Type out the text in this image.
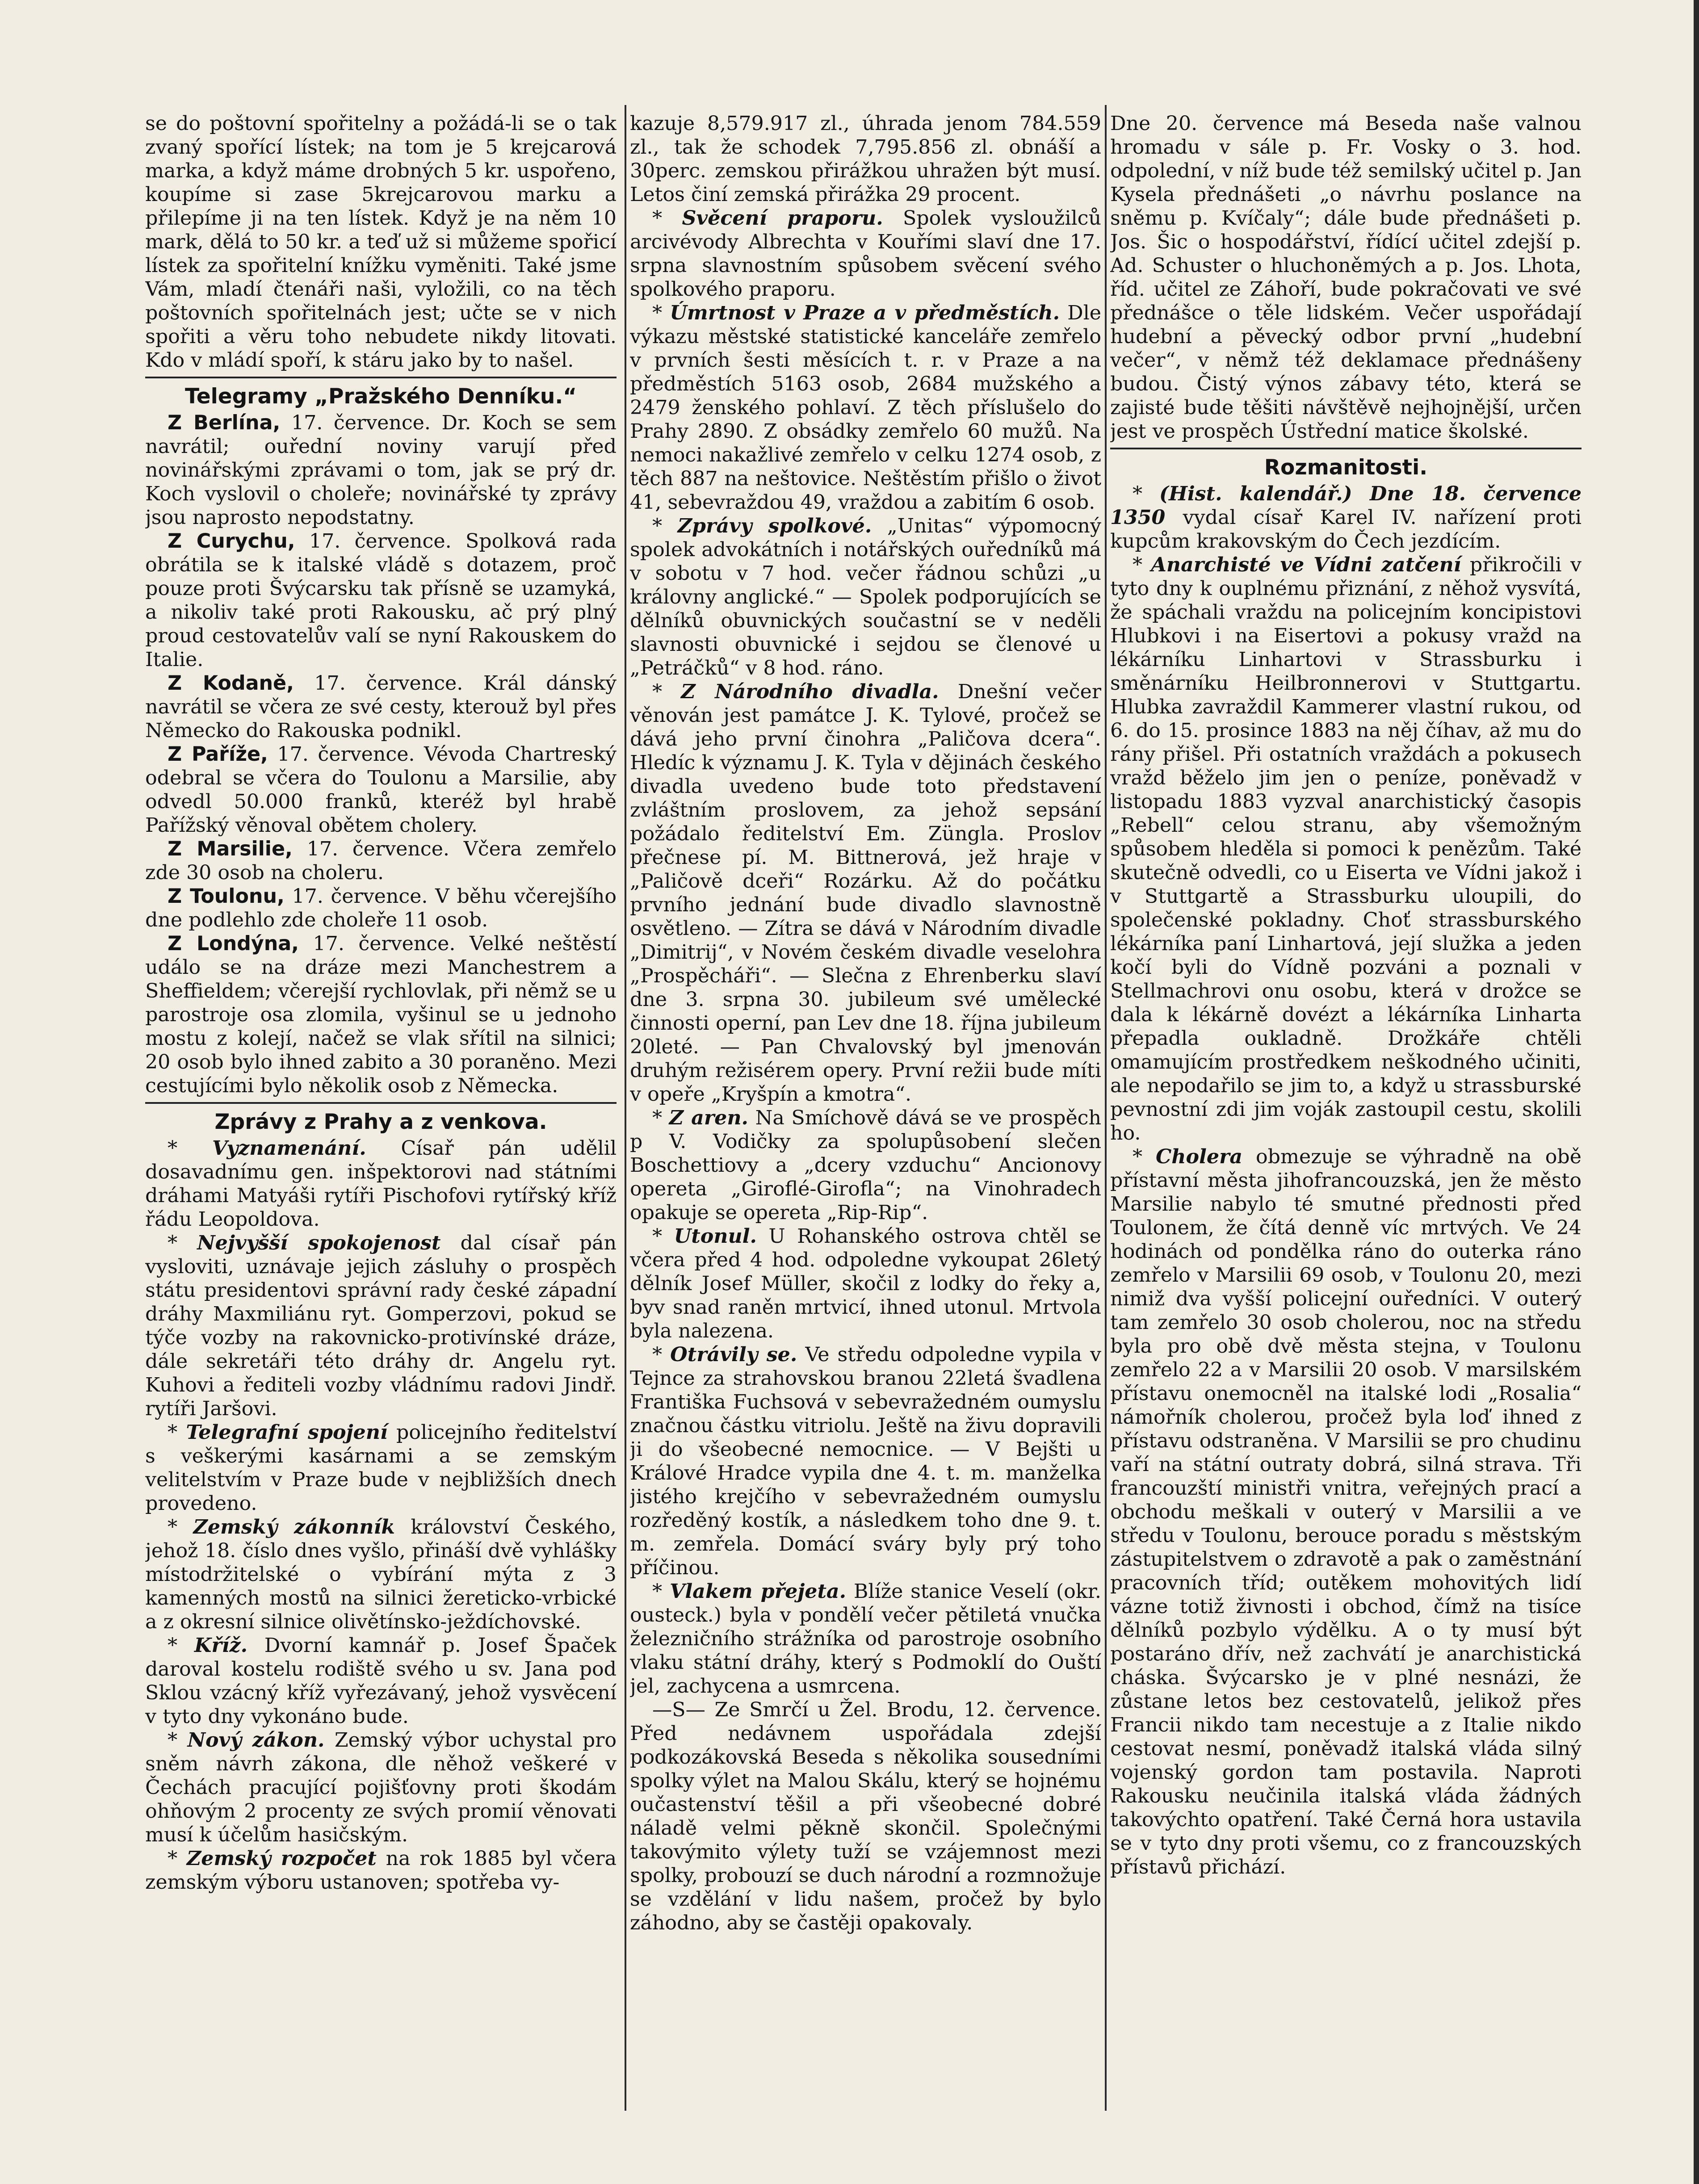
se do poštovní spořitelny a požádá-li se o tak zvaný spořící lístek; na tom je 5 krejcarová marka, a když máme drobných 5 kr. uspořeno, koupíme si zase 5krejcarovou marku a přilepíme ji na ten lístek. Když je na něm 10 mark, dělá to 50 kr. a teď už si můžeme spořicí lístek za spořitelní knížku vyměniti. Také jsme Vám, mladí čtenáři naši, vyložili, co na těch poštovních spořitelnách jest; učte se v nich spořiti a věru toho nebudete nikdy litovati. Kdo v mládí spoří, k stáru jako by to našel.

Telegramy „Pražského Denníku.“

Z Berlína, 17. července. Dr. Koch se sem navrátil; ouřední noviny varují před novinářskými zprávami o tom, jak se prý dr. Koch vyslovil o choleře; novinářské ty zprávy jsou naprosto nepodstatny.

Z Curychu, 17. července. Spolková rada obrátila se k italské vládě s dotazem, proč pouze proti Švýcarsku tak přísně se uzamyká, a nikoliv také proti Rakousku, ač prý plný proud cestovatelův valí se nyní Rakouskem do Italie.

Z Kodaně, 17. července. Král dánský navrátil se včera ze své cesty, kterouž byl přes Německo do Rakouska podnikl.

Z Paříže, 17. července. Vévoda Chartreský odebral se včera do Toulonu a Marsilie, aby odvedl 50.000 franků, kteréž byl hrabě Pařížský věnoval obětem cholery.

Z Marsilie, 17. července. Včera zemřelo zde 30 osob na choleru.

Z Toulonu, 17. července. V běhu včerejšího dne podlehlo zde choleře 11 osob.

Z Londýna, 17. července. Velké neštěstí událo se na dráze mezi Manchestrem a Sheffieldem; včerejší rychlovlak, při němž se u parostroje osa zlomila, vyšinul se u jednoho mostu z kolejí, načež se vlak sřítil na silnici; 20 osob bylo ihned zabito a 30 poraněno. Mezi cestujícími bylo několik osob z Německa.

Zprávy z Prahy a z venkova.

* Vyznamenání. Císař pán udělil dosavadnímu gen. inšpektorovi nad státními dráhami Matyáši rytíři Pischofovi rytířský kříž řádu Leopoldova.

* Nejvyšší spokojenost dal císař pán vysloviti, uznávaje jejich zásluhy o prospěch státu presidentovi správní rady české západní dráhy Maxmiliánu ryt. Gomperzovi, pokud se týče vozby na rakovnicko-protivínské dráze, dále sekretáři této dráhy dr. Angelu ryt. Kuhovi a řediteli vozby vládnímu radovi Jindř. rytíři Jaršovi.

* Telegrafní spojení policejního ředitelství s veškerými kasárnami a se zemským velitelstvím v Praze bude v nejbližších dnech provedeno.

* Zemský zákonník království Českého, jehož 18. číslo dnes vyšlo, přináší dvě vyhlášky místodržitelské o vybírání mýta z 3 kamenných mostů na silnici žereticko-vrbické a z okresní silnice olivětínsko-ježdíchovské.

* Kříž. Dvorní kamnář p. Josef Špaček daroval kostelu rodiště svého u sv. Jana pod Sklou vzácný kříž vyřezávaný, jehož vysvěcení v tyto dny vykonáno bude.

* Nový zákon. Zemský výbor uchystal pro sněm návrh zákona, dle něhož veškeré v Čechách pracující pojišťovny proti škodám ohňovým 2 procenty ze svých promií věnovati musí k účelům hasičským.

* Zemský rozpočet na rok 1885 byl včera zemským výboru ustanoven; spotřeba vy-

kazuje 8,579.917 zl., úhrada jenom 784.559 zl., tak že schodek 7,795.856 zl. obnáší a 30perc. zemskou přirážkou uhražen být musí. Letos činí zemská přirážka 29 procent.

* Svěcení praporu. Spolek vysloužilců arcivévody Albrechta v Kouřími slaví dne 17. srpna slavnostním spůsobem svěcení svého spolkového praporu.

* Úmrtnost v Praze a v předměstích. Dle výkazu městské statistické kanceláře zemřelo v prvních šesti měsících t. r. v Praze a na předměstích 5163 osob, 2684 mužského a 2479 ženského pohlaví. Z těch příslušelo do Prahy 2890. Z obsádky zemřelo 60 mužů. Na nemoci nakažlivé zemřelo v celku 1274 osob, z těch 887 na neštovice. Neštěstím přišlo o život 41, sebevraždou 49, vraždou a zabitím 6 osob.

* Zprávy spolkové. „Unitas“ výpomocný spolek advokátních i notářských ouředníků má v sobotu v 7 hod. večer řádnou schůzi „u královny anglické.“ — Spolek podporujících se dělníků obuvnických součastní se v neděli slavnosti obuvnické i sejdou se členové u „Petráčků“ v 8 hod. ráno.

* Z Národního divadla. Dnešní večer věnován jest památce J. K. Tylové, pročež se dává jeho první činohra „Paličova dcera“. Hledíc k významu J. K. Tyla v dějinách českého divadla uvedeno bude toto představení zvláštním proslovem, za jehož sepsání požádalo ředitelství Em. Züngla. Proslov přečnese pí. M. Bittnerová, jež hraje v „Paličově dceři“ Rozárku. Až do počátku prvního jednání bude divadlo slavnostně osvětleno. — Zítra se dává v Národním divadle „Dimitrij“, v Novém českém divadle veselohra „Prospěcháři“. — Slečna z Ehrenberku slaví dne 3. srpna 30. jubileum své umělecké činnosti operní, pan Lev dne 18. října jubileum 20leté. — Pan Chvalovský byl jmenován druhým režisérem opery. První režii bude míti v opeře „Kryšpín a kmotra“.

* Z aren. Na Smíchově dává se ve prospěch p V. Vodičky za spolupůsobení slečen Boschettiovy a „dcery vzduchu“ Ancionovy opereta „Giroflé-Girofla“; na Vinohradech opakuje se opereta „Rip-Rip“.

* Utonul. U Rohanského ostrova chtěl se včera před 4 hod. odpoledne vykoupat 26letý dělník Josef Müller, skočil z lodky do řeky a, byv snad raněn mrtvicí, ihned utonul. Mrtvola byla nalezena.

* Otrávily se. Ve středu odpoledne vypila v Tejnce za strahovskou branou 22letá švadlena Františka Fuchsová v sebevražedném oumyslu značnou částku vitriolu. Ještě na živu dopravili ji do všeobecné nemocnice. — V Bejšti u Králové Hradce vypila dne 4. t. m. manželka jistého krejčího v sebevražedném oumyslu rozředěný kostík, a následkem toho dne 9. t. m. zemřela. Domácí sváry byly prý toho příčinou.

* Vlakem přejeta. Blíže stanice Veselí (okr. ousteck.) byla v pondělí večer pětiletá vnučka železničního strážníka od parostroje osobního vlaku státní dráhy, který s Podmoklí do Ouští jel, zachycena a usmrcena.

—S— Ze Smrčí u Žel. Brodu, 12. července. Před nedávnem uspořádala zdejší podkozákovská Beseda s několika sousedními spolky výlet na Malou Skálu, který se hojnému oučastenství těšil a při všeobecné dobré náladě velmi pěkně skončil. Společnými takovýmito výlety tuží se vzájemnost mezi spolky, probouzí se duch národní a rozmnožuje se vzdělání v lidu našem, pročež by bylo záhodno, aby se častěji opakovaly.

Dne 20. července má Beseda naše valnou hromadu v sále p. Fr. Vosky o 3. hod. odpolední, v níž bude též semilský učitel p. Jan Kysela přednášeti „o návrhu poslance na sněmu p. Kvíčaly“; dále bude přednášeti p. Jos. Šic o hospodářství, řídící učitel zdejší p. Ad. Schuster o hluchoněmých a p. Jos. Lhota, říd. učitel ze Záhoří, bude pokračovati ve své přednášce o těle lidském. Večer uspořádají hudební a pěvecký odbor první „hudební večer“, v němž též deklamace přednášeny budou. Čistý výnos zábavy této, která se zajisté bude těšiti návštěvě nejhojnější, určen jest ve prospěch Ústřední matice školské.

Rozmanitosti.

* (Hist. kalendář.) Dne 18. července 1350 vydal císař Karel IV. nařízení proti kupcům krakovským do Čech jezdícím.

* Anarchisté ve Vídni zatčení přikročili v tyto dny k ouplnému přiznání, z něhož vysvítá, že spáchali vraždu na policejním koncipistovi Hlubkovi i na Eisertovi a pokusy vražd na lékárníku Linhartovi v Strassburku i směnárníku Heilbronnerovi v Stuttgartu. Hlubka zavraždil Kammerer vlastní rukou, od 6. do 15. prosince 1883 na něj číhav, až mu do rány přišel. Při ostatních vraždách a pokusech vražd běželo jim jen o peníze, poněvadž v listopadu 1883 vyzval anarchistický časopis „Rebell“ celou stranu, aby všemožným spůsobem hleděla si pomoci k penězům. Také skutečně odvedli, co u Eiserta ve Vídni jakož i v Stuttgartě a Strassburku uloupili, do společenské pokladny. Choť strassburského lékárníka paní Linhartová, její služka a jeden kočí byli do Vídně pozváni a poznali v Stellmachrovi onu osobu, která v drožce se dala k lékárně dovézt a lékárníka Linharta přepadla oukladně. Drožkáře chtěli omamujícím prostředkem neškodného učiniti, ale nepodařilo se jim to, a když u strassburské pevnostní zdi jim voják zastoupil cestu, skolili ho.

* Cholera obmezuje se výhradně na obě přístavní města jihofrancouzská, jen že město Marsilie nabylo té smutné přednosti před Toulonem, že čítá denně víc mrtvých. Ve 24 hodinách od pondělka ráno do outerka ráno zemřelo v Marsilii 69 osob, v Toulonu 20, mezi nimiž dva vyšší policejní ouředníci. V outerý tam zemřelo 30 osob cholerou, noc na středu byla pro obě dvě města stejna, v Toulonu zemřelo 22 a v Marsilii 20 osob. V marsilském přístavu onemocněl na italské lodi „Rosalia“ námořník cholerou, pročež byla loď ihned z přístavu odstraněna. V Marsilii se pro chudinu vaří na státní outraty dobrá, silná strava. Tři francouzští ministři vnitra, veřejných prací a obchodu meškali v outerý v Marsilii a ve středu v Toulonu, berouce poradu s městským zástupitelstvem o zdravotě a pak o zaměstnání pracovních tříd; outěkem mohovitých lidí vázne totiž živnosti i obchod, čímž na tisíce dělníků pozbylo výdělku. A o ty musí být postaráno dřív, než zachvátí je anarchistická cháska. Švýcarsko je v plné nesnázi, že zůstane letos bez cestovatelů, jelikož přes Francii nikdo tam necestuje a z Italie nikdo cestovat nesmí, poněvadž italská vláda silný vojenský gordon tam postavila. Naproti Rakousku neučinila italská vláda žádných takovýchto opatření. Také Černá hora ustavila se v tyto dny proti všemu, co z francouzských přístavů přichází.
